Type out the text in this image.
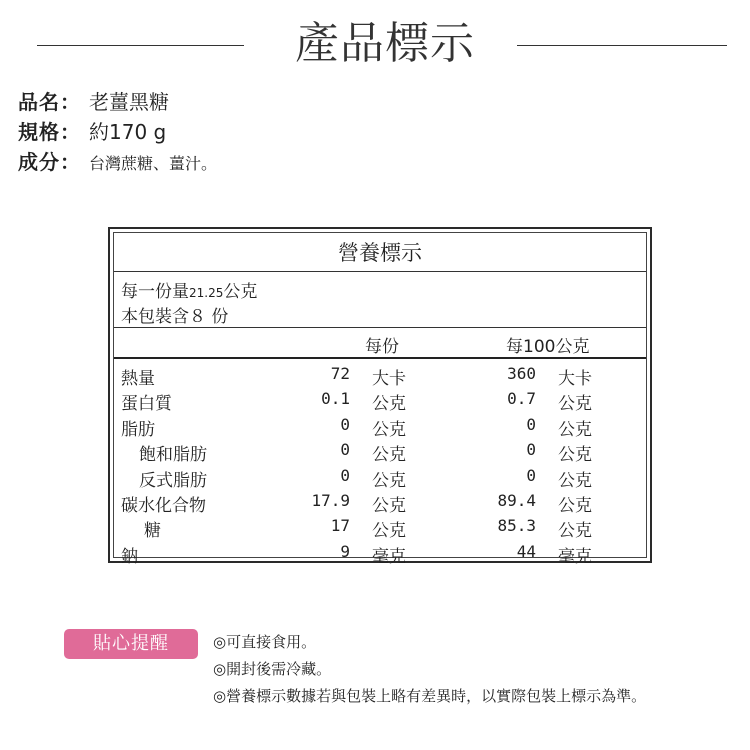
產品標示
品名： 老薑黑糖
規格： 約170 g
成分： 台灣蔗糖、薑汁。
營養標示
每一份量21.25公克
本包裝含８ 份
每份	每100公克
熱量	72 大卡	360 大卡
蛋白質	0.1 公克	0.7 公克
脂肪	0 公克	0 公克
飽和脂肪	0 公克	0 公克
反式脂肪	0 公克	0 公克
碳水化合物	17.9 公克	89.4 公克
糖	17 公克	85.3 公克
鈉	9 毫克	44 毫克
貼心提醒	◎可直接食用。
◎開封後需冷藏。
◎營養標示數據若與包裝上略有差異時，以實際包裝上標示為準。
